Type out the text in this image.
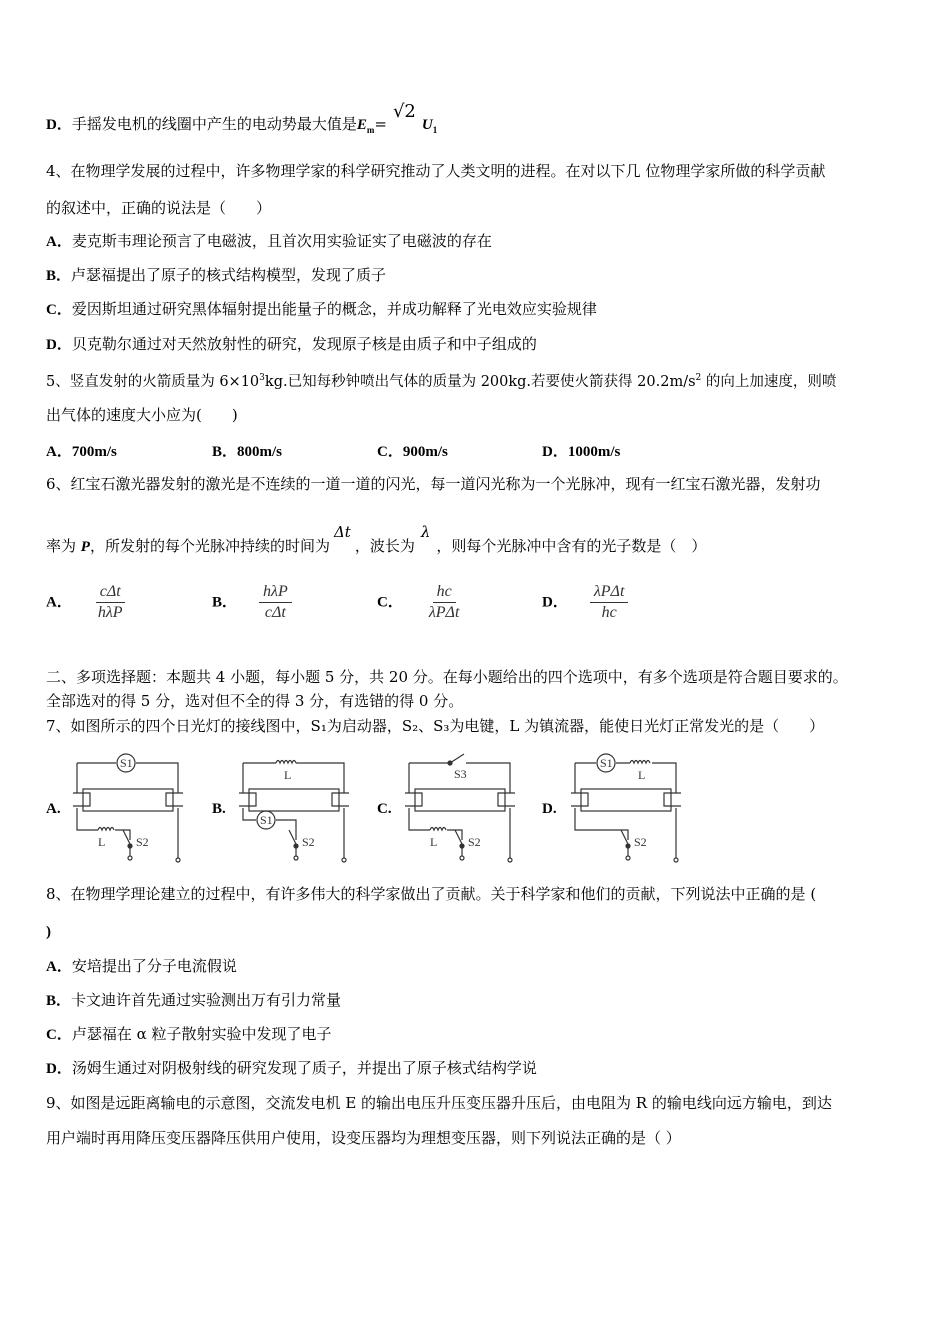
D．手摇发电机的线圈中产生的电动势最大值是$E_m=√2U_1$
4、在物理学发展的过程中，许多物理学家的科学研究推动了人类文明的进程。在对以下几 位物理学家所做的科学贡献
的叙述中，正确的说法是（　　）
A．麦克斯韦理论预言了电磁波，且首次用实验证实了电磁波的存在
B．卢瑟福提出了原子的核式结构模型，发现了质子
C．爱因斯坦通过研究黑体辐射提出能量子的概念，并成功解释了光电效应实验规律
D．贝克勒尔通过对天然放射性的研究，发现原子核是由质子和中子组成的
5、竖直发射的火箭质量为 $6\times 10^3kg$.已知每秒钟喷出气体的质量为 200kg.若要使火箭获得 $20.2m/s^2$ 的向上加速度，则喷
出气体的速度大小应为(　　)
A．700m/s	B．800m/s	C．900m/s	D．1000m/s
6、红宝石激光器发射的激光是不连续的一道一道的闪光，每一道闪光称为一个光脉冲，现有一红宝石激光器，发射功
率为 P，所发射的每个光脉冲持续的时间为Δt，波长为λ，则每个光脉冲中含有的光子数是（　）
A． $\frac{\text{cΔt}}{\text{hλP}}$	B． $\frac{\text{hλP}}{\text{cΔt}}$	C． $\frac{hc}{\text{λPΔt}}$	D． $\frac{\text{λPΔt}}{hc}$
二、多项选择题：本题共 4 小题，每小题 5 分，共 20 分。在每小题给出的四个选项中，有多个选项是符合题目要求的。
全部选对的得 5 分，选对但不全的得 3 分，有选错的得 0 分。
7、如图所示的四个日光灯的接线图中，S₁为启动器，S₂、S₃为电键，L 为镇流器，能使日光灯正常发光的是（　　）
A.
S1
L	S2
B.
L
S1
S2
C.
S3
L	S2
D.
S1
L
S2
8、在物理学理论建立的过程中，有许多伟大的科学家做出了贡献。关于科学家和他们的贡献，下列说法中正确的是 (
)
A．安培提出了分子电流假说
B．卡文迪许首先通过实验测出万有引力常量
C．卢瑟福在 α 粒子散射实验中发现了电子
D．汤姆生通过对阴极射线的研究发现了质子，并提出了原子核式结构学说
9、如图是远距离输电的示意图，交流发电机 E 的输出电压升压变压器升压后，由电阻为 R 的输电线向远方输电，到达
用户端时再用降压变压器降压供用户使用，设变压器均为理想变压器，则下列说法正确的是（ ）
